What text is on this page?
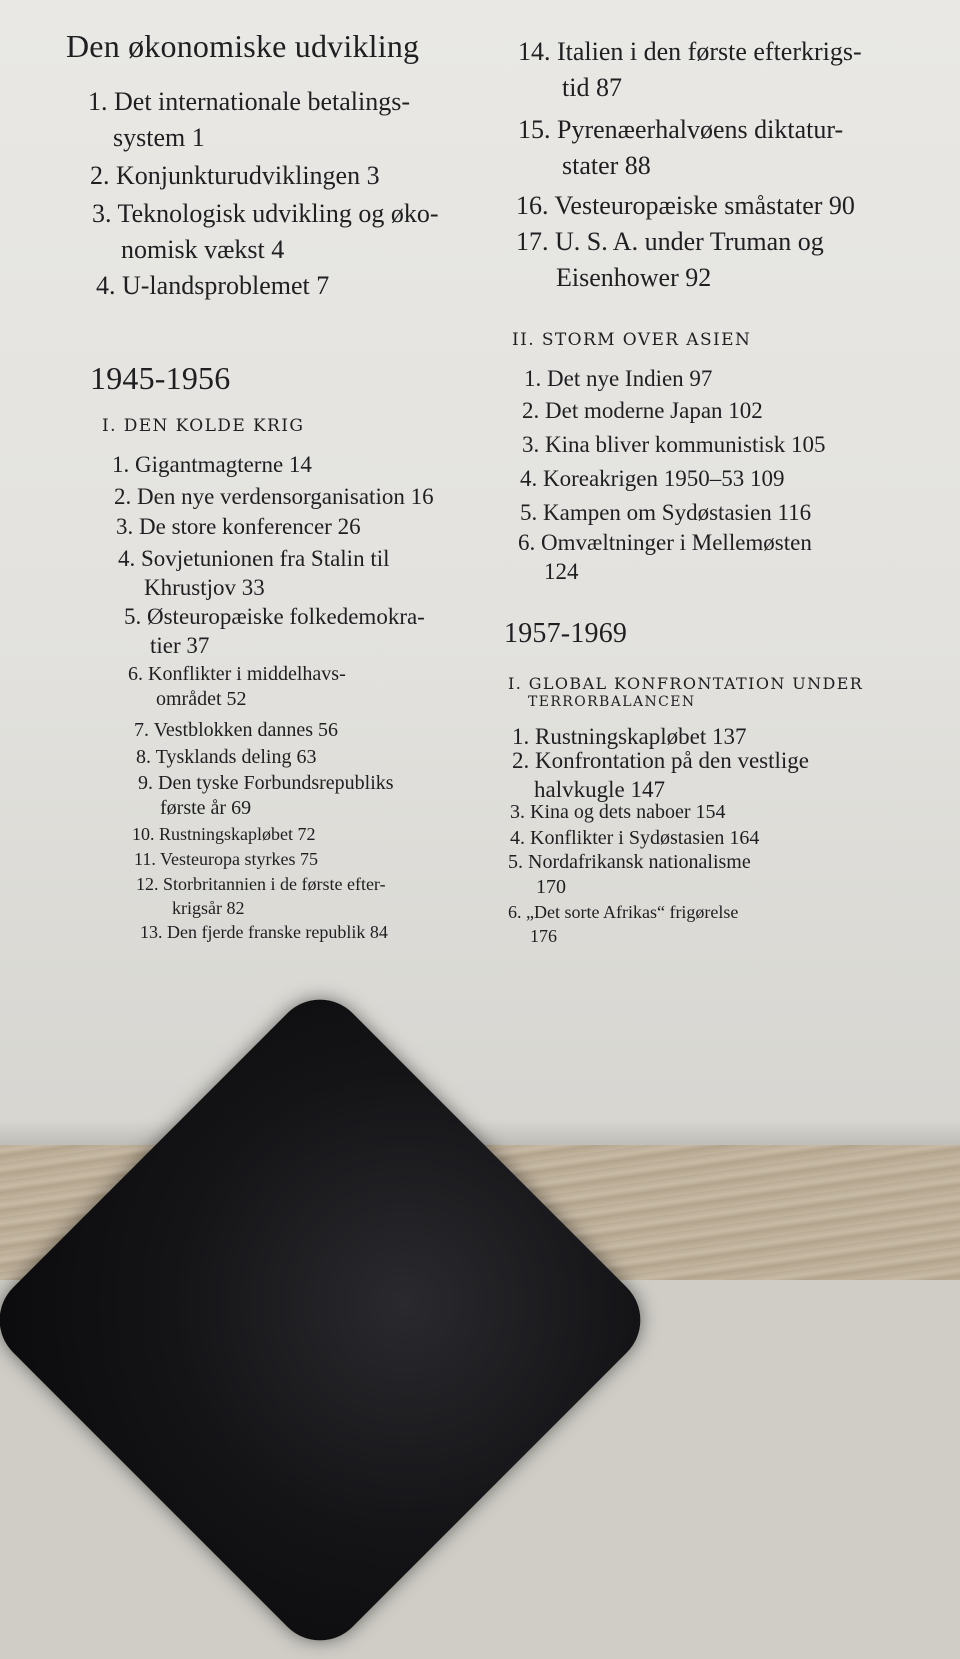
Den økonomiske udvikling
1. Det internationale betalings-
system 1
2. Konjunkturudviklingen 3
3. Teknologisk udvikling og øko-
nomisk vækst 4
4. U-landsproblemet 7
1945-1956
I. DEN KOLDE KRIG
1. Gigantmagterne 14
2. Den nye verdensorganisation 16
3. De store konferencer 26
4. Sovjetunionen fra Stalin til
Khrustjov 33
5. Østeuropæiske folkedemokra-
tier 37
6. Konflikter i middelhavs-
området 52
7. Vestblokken dannes 56
8. Tysklands deling 63
9. Den tyske Forbundsrepubliks
første år 69
10. Rustningskapløbet 72
11. Vesteuropa styrkes 75
12. Storbritannien i de første efter-
krigsår 82
13. Den fjerde franske republik 84
14. Italien i den første efterkrigs-
tid 87
15. Pyrenæerhalvøens diktatur-
stater 88
16. Vesteuropæiske småstater 90
17. U. S. A. under Truman og
Eisenhower 92
II. STORM OVER ASIEN
1. Det nye Indien 97
2. Det moderne Japan 102
3. Kina bliver kommunistisk 105
4. Koreakrigen 1950–53 109
5. Kampen om Sydøstasien 116
6. Omvæltninger i Mellemøsten
124
1957-1969
I. GLOBAL KONFRONTATION UNDER
TERRORBALANCEN
1. Rustningskapløbet 137
2. Konfrontation på den vestlige
halvkugle 147
3. Kina og dets naboer 154
4. Konflikter i Sydøstasien 164
5. Nordafrikansk nationalisme
170
6. „Det sorte Afrikas“ frigørelse
176
